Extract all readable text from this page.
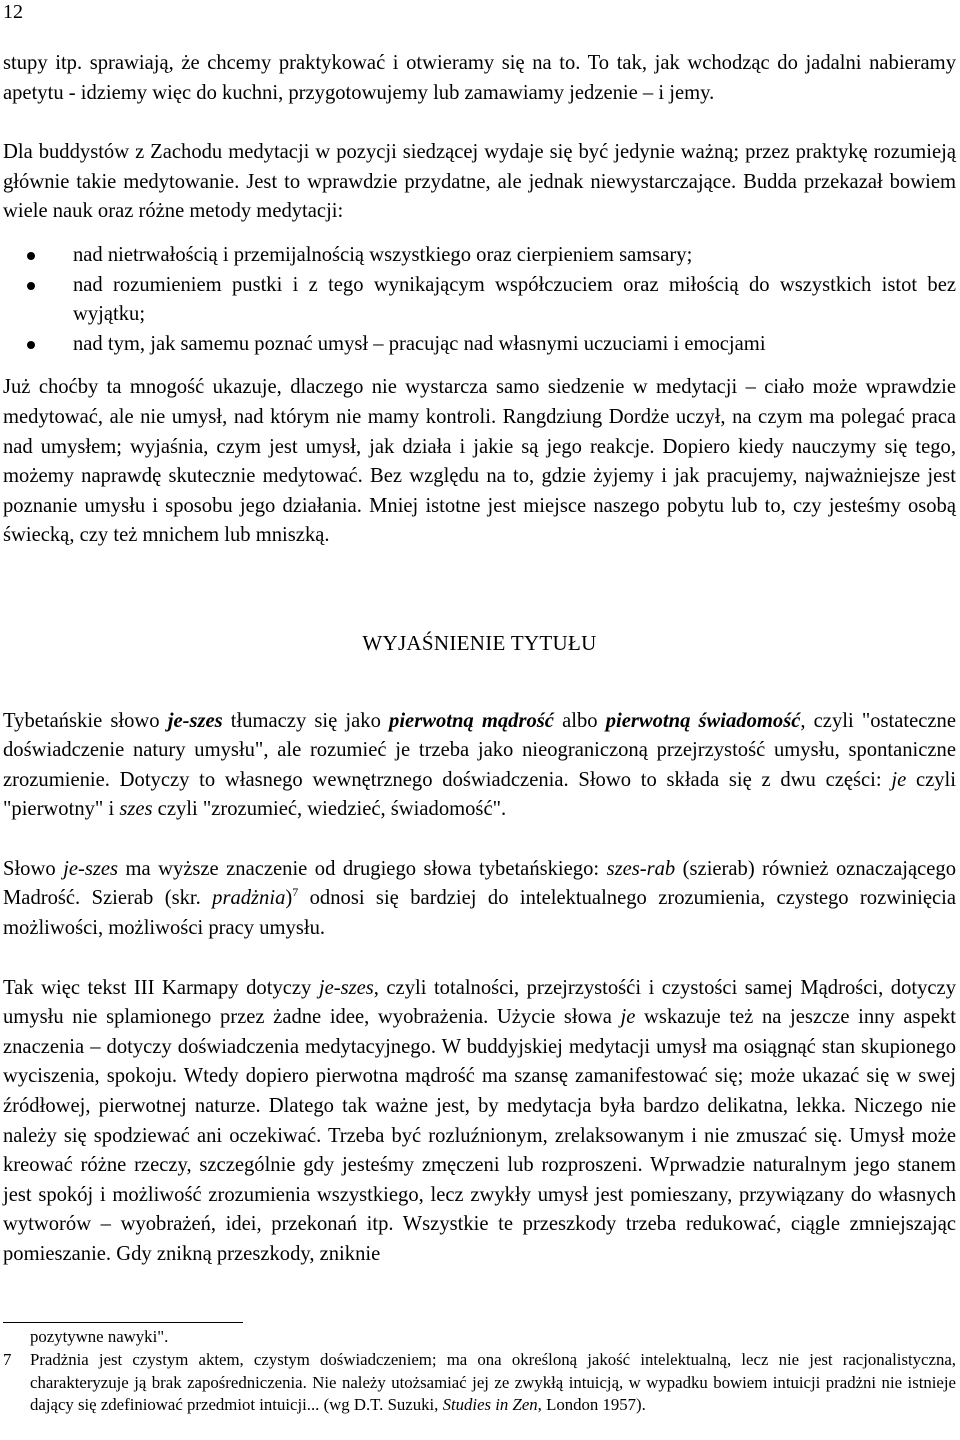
12

stupy itp. sprawiają, że chcemy praktykować i otwieramy się na to. To tak, jak wchodząc do jadalni nabieramy apetytu - idziemy więc do kuchni, przygotowujemy lub zamawiamy jedzenie – i jemy.

Dla buddystów z Zachodu medytacji w pozycji siedzącej wydaje się być jedynie ważną; przez praktykę rozumieją głównie takie medytowanie. Jest to wprawdzie przydatne, ale jednak niewystarczające. Budda przekazał bowiem wiele nauk oraz różne metody medytacji:

nad nietrwałością i przemijalnością wszystkiego oraz cierpieniem samsary;
nad rozumieniem pustki i z tego wynikającym współczuciem oraz miłością do wszystkich istot bez wyjątku;
nad tym, jak samemu poznać umysł – pracując nad własnymi uczuciami i emocjami

Już choćby ta mnogość ukazuje, dlaczego nie wystarcza samo siedzenie w medytacji – ciało może wprawdzie medytować, ale nie umysł, nad którym nie mamy kontroli. Rangdziung Dordże uczył, na czym ma polegać praca nad umysłem; wyjaśnia, czym jest umysł, jak działa i jakie są jego reakcje. Dopiero kiedy nauczymy się tego, możemy naprawdę skutecznie medytować. Bez względu na to, gdzie żyjemy i jak pracujemy, najważniejsze jest poznanie umysłu i sposobu jego działania. Mniej istotne jest miejsce naszego pobytu lub to, czy jesteśmy osobą świecką, czy też mnichem lub mniszką.

WYJAŚNIENIE TYTUŁU

Tybetańskie słowo je-szes tłumaczy się jako pierwotną mądrość albo pierwotną świadomość, czyli "ostateczne doświadczenie natury umysłu", ale rozumieć je trzeba jako nieograniczoną przejrzystość umysłu, spontaniczne zrozumienie. Dotyczy to własnego wewnętrznego doświadczenia. Słowo to składa się z dwu części: je czyli "pierwotny" i szes czyli "zrozumieć, wiedzieć, świadomość".

Słowo je-szes ma wyższe znaczenie od drugiego słowa tybetańskiego: szes-rab (szierab) również oznaczającego Madrość. Szierab (skr. pradżnia)$^7$ odnosi się bardziej do intelektualnego zrozumienia, czystego rozwinięcia możliwości, możliwości pracy umysłu.

Tak więc tekst III Karmapy dotyczy je-szes, czyli totalności, przejrzystośći i czystości samej Mądrości, dotyczy umysłu nie splamionego przez żadne idee, wyobrażenia. Użycie słowa je wskazuje też na jeszcze inny aspekt znaczenia – dotyczy doświadczenia medytacyjnego. W buddyjskiej medytacji umysł ma osiągnąć stan skupionego wyciszenia, spokoju. Wtedy dopiero pierwotna mądrość ma szansę zamanifestować się; może ukazać się w swej źródłowej, pierwotnej naturze. Dlatego tak ważne jest, by medytacja była bardzo delikatna, lekka. Niczego nie należy się spodziewać ani oczekiwać. Trzeba być rozluźnionym, zrelaksowanym i nie zmuszać się. Umysł może kreować różne rzeczy, szczególnie gdy jesteśmy zmęczeni lub rozproszeni. Wprwadzie naturalnym jego stanem jest spokój i możliwość zrozumienia wszystkiego, lecz zwykły umysł jest pomieszany, przywiązany do własnych wytworów – wyobrażeń, idei, przekonań itp. Wszystkie te przeszkody trzeba redukować, ciągle zmniejszając pomieszanie. Gdy znikną przeszkody, zniknie

pozytywne nawyki".

7 Pradżnia jest czystym aktem, czystym doświadczeniem; ma ona określoną jakość intelektualną, lecz nie jest racjonalistyczna, charakteryzuje ją brak zapośredniczenia. Nie należy utożsamiać jej ze zwykłą intuicją, w wypadku bowiem intuicji pradżni nie istnieje dający się zdefiniować przedmiot intuicji... (wg D.T. Suzuki, Studies in Zen, London 1957).
